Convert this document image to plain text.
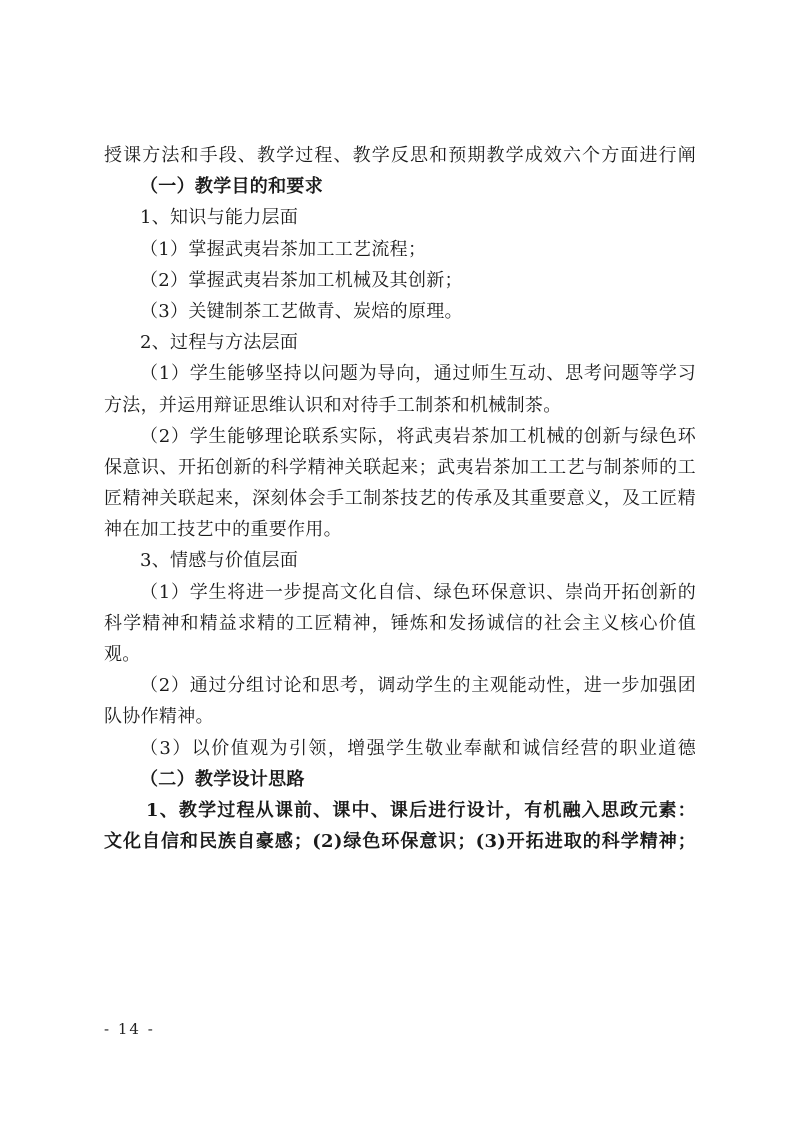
授课方法和手段、教学过程、教学反思和预期教学成效六个方面进行阐
（一）教学目的和要求
1、知识与能力层面
（1）掌握武夷岩茶加工工艺流程；
（2）掌握武夷岩茶加工机械及其创新；
（3）关键制茶工艺做青、炭焙的原理。
2、过程与方法层面
（1）学生能够坚持以问题为导向，通过师生互动、思考问题等学习
方法，并运用辩证思维认识和对待手工制茶和机械制茶。
（2）学生能够理论联系实际，将武夷岩茶加工机械的创新与绿色环
保意识、开拓创新的科学精神关联起来；武夷岩茶加工工艺与制茶师的工
匠精神关联起来，深刻体会手工制茶技艺的传承及其重要意义，及工匠精
神在加工技艺中的重要作用。
3、情感与价值层面
（1）学生将进一步提高文化自信、绿色环保意识、崇尚开拓创新的
科学精神和精益求精的工匠精神，锤炼和发扬诚信的社会主义核心价值
观。
（2）通过分组讨论和思考，调动学生的主观能动性，进一步加强团
队协作精神。
（3）以价值观为引领，增强学生敬业奉献和诚信经营的职业道德
（二）教学设计思路
1、教学过程从课前、课中、课后进行设计，有机融入思政元素：
文化自信和民族自豪感；(2)绿色环保意识；(3)开拓进取的科学精神；
- 14 -
